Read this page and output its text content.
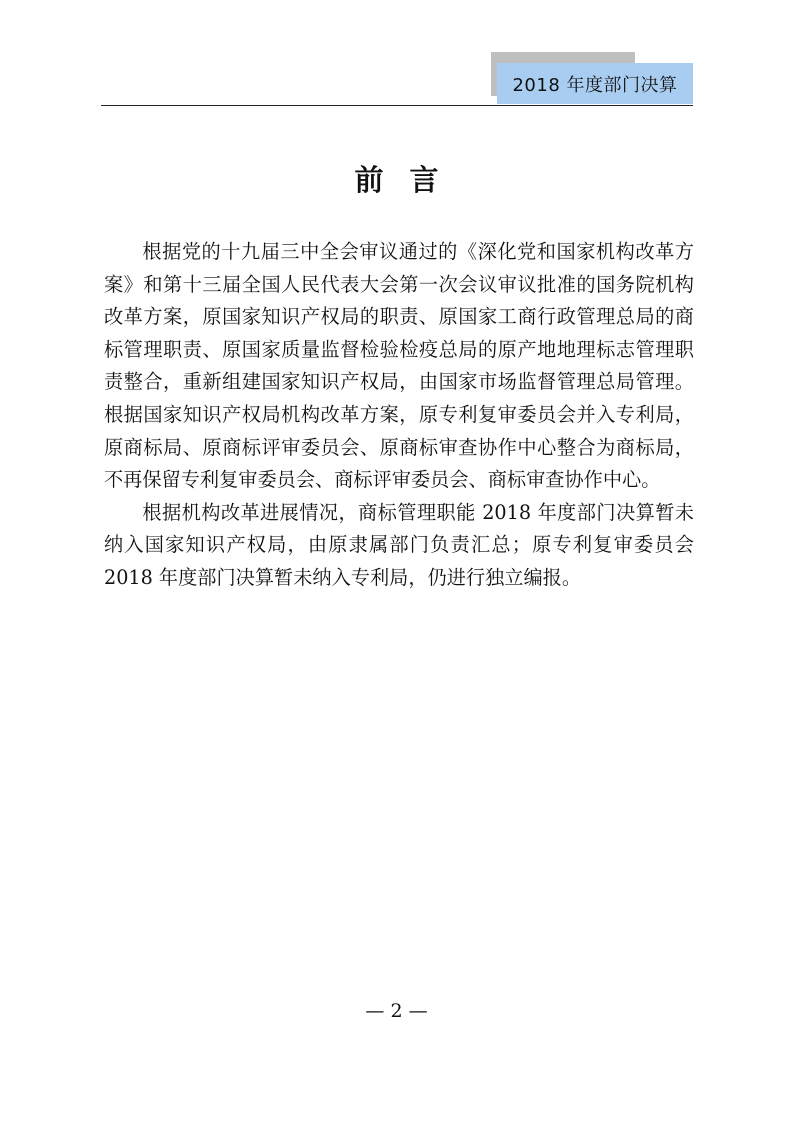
2018 年度部门决算
前言

根据党的十九届三中全会审议通过的《深化党和国家机构改革方案》和第十三届全国人民代表大会第一次会议审议批准的国务院机构改革方案，原国家知识产权局的职责、原国家工商行政管理总局的商标管理职责、原国家质量监督检验检疫总局的原产地地理标志管理职责整合，重新组建国家知识产权局，由国家市场监督管理总局管理。根据国家知识产权局机构改革方案，原专利复审委员会并入专利局，原商标局、原商标评审委员会、原商标审查协作中心整合为商标局，不再保留专利复审委员会、商标评审委员会、商标审查协作中心。

根据机构改革进展情况，商标管理职能 2018 年度部门决算暂未纳入国家知识产权局，由原隶属部门负责汇总；原专利复审委员会 2018 年度部门决算暂未纳入专利局，仍进行独立编报。

— 2 —
